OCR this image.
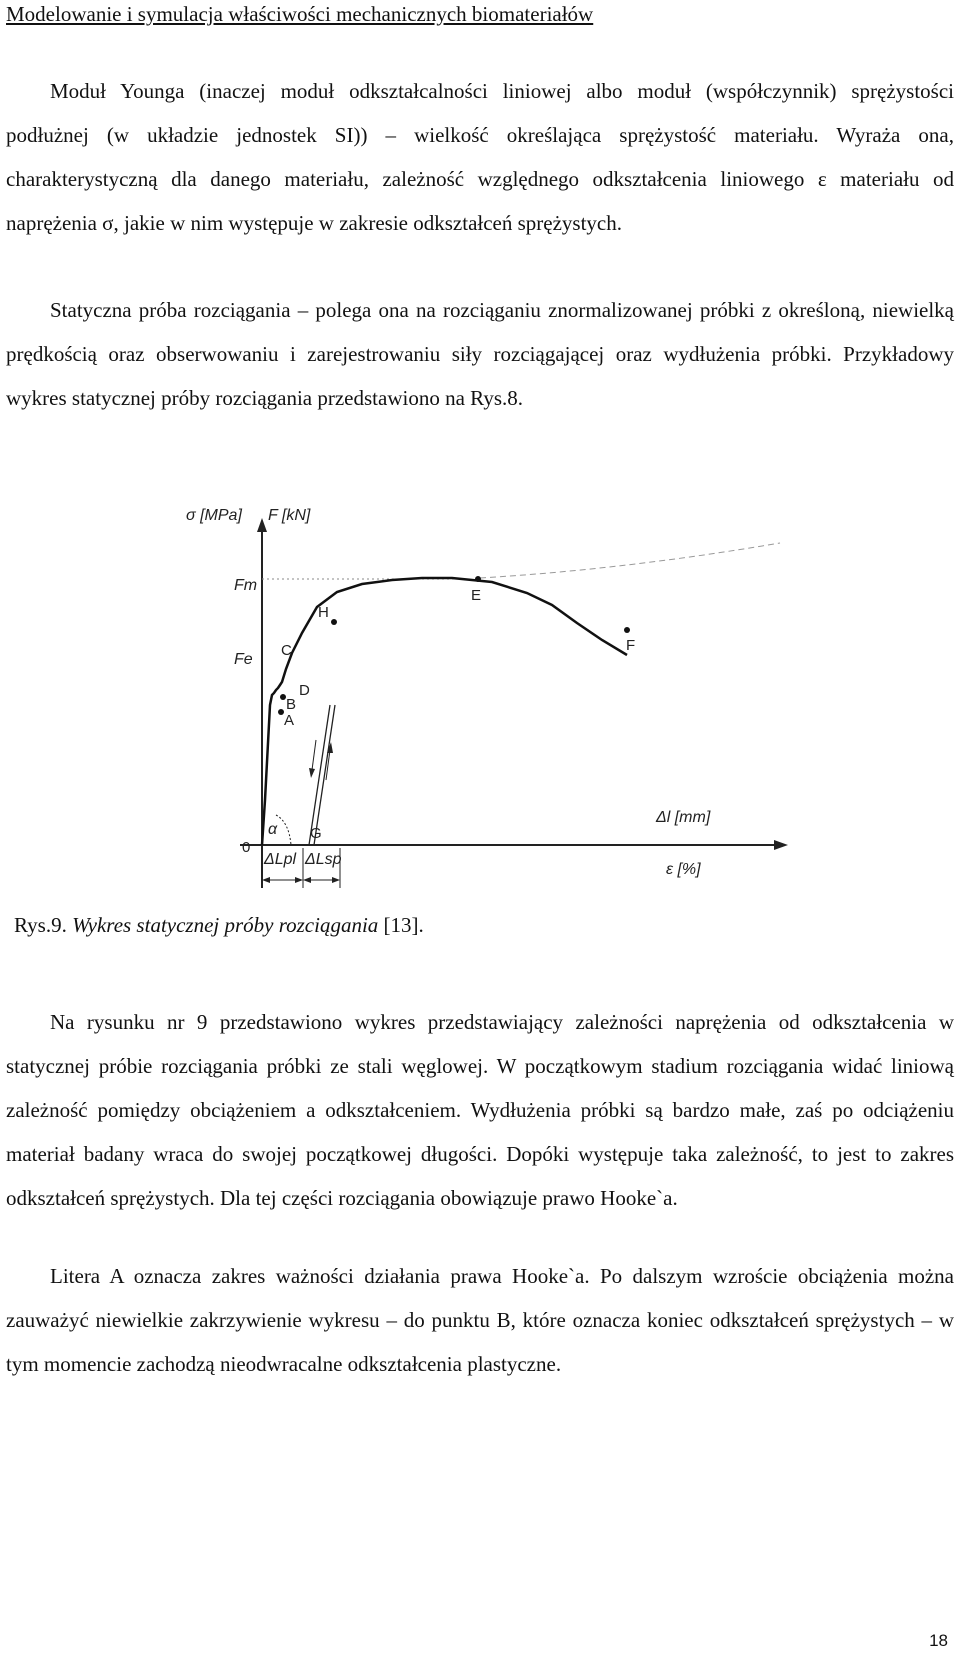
Modelowanie i symulacja właściwości mechanicznych biomateriałów
Moduł Younga (inaczej moduł odkształcalności liniowej albo moduł (współczynnik) sprężystości podłużnej (w układzie jednostek SI)) – wielkość określająca sprężystość materiału. Wyraża ona, charakterystyczną dla danego materiału, zależność względnego odkształcenia liniowego ε materiału od naprężenia σ, jakie w nim występuje w zakresie odkształceń sprężystych.
Statyczna próba rozciągania – polega ona na rozciąganiu znormalizowanej próbki z określoną, niewielką prędkością oraz obserwowaniu i zarejestrowaniu siły rozciągającej oraz wydłużenia próbki. Przykładowy wykres statycznej próby rozciągania przedstawiono na Rys.8.
σ [MPa] F [kN]
Δl [mm]
ε [%]
Fm
Fe
0
α
A
B
C
D
H
E
F
G
ΔLpl ΔLsp
Rys.9. Wykres statycznej próby rozciągania [13].
Na rysunku nr 9 przedstawiono wykres przedstawiający zależności naprężenia od odkształcenia w statycznej próbie rozciągania próbki ze stali węglowej. W początkowym stadium rozciągania widać liniową zależność pomiędzy obciążeniem a odkształceniem. Wydłużenia próbki są bardzo małe, zaś po odciążeniu materiał badany wraca do swojej początkowej długości. Dopóki występuje taka zależność, to jest to zakres odkształceń sprężystych. Dla tej części rozciągania obowiązuje prawo Hooke`a.
Litera A oznacza zakres ważności działania prawa Hooke`a. Po dalszym wzroście obciążenia można zauważyć niewielkie zakrzywienie wykresu – do punktu B, które oznacza koniec odkształceń sprężystych – w tym momencie zachodzą nieodwracalne odkształcenia plastyczne.
18
